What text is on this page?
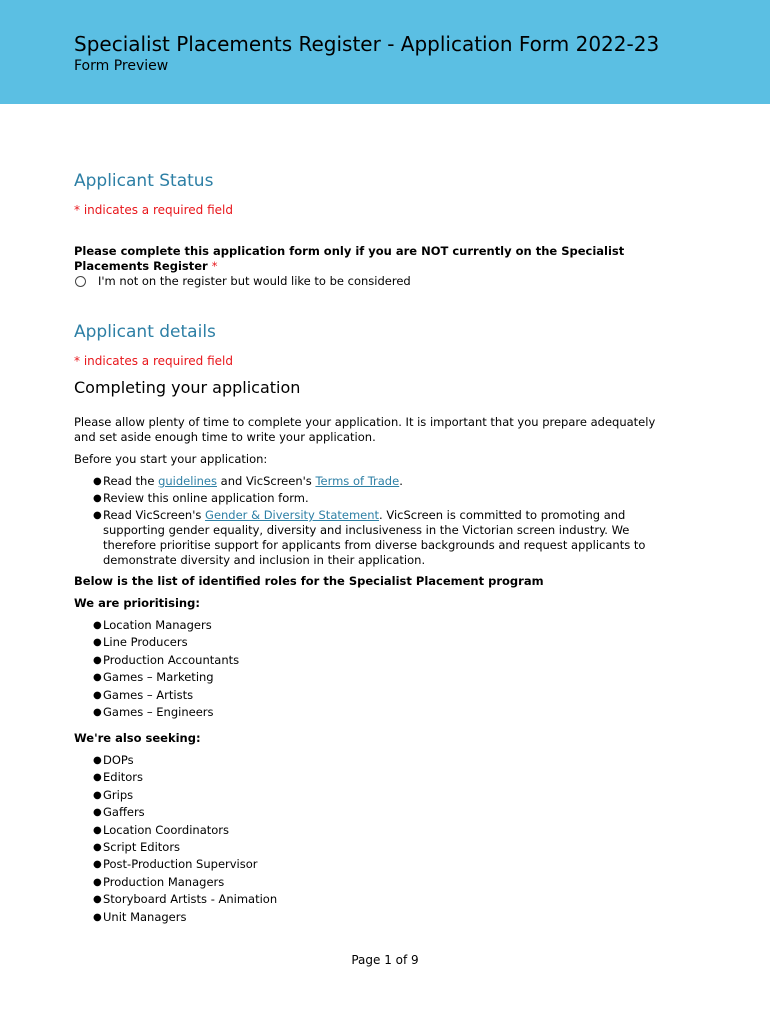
Specialist Placements Register - Application Form 2022-23
Form Preview
Applicant Status
* indicates a required field
Please complete this application form only if you are NOT currently on the Specialist Placements Register *
I'm not on the register but would like to be considered
Applicant details
* indicates a required field
Completing your application

Please allow plenty of time to complete your application. It is important that you prepare adequately and set aside enough time to write your application.

Before you start your application:

● Read the guidelines and VicScreen's Terms of Trade.
● Review this online application form.
● Read VicScreen's Gender & Diversity Statement. VicScreen is committed to promoting and supporting gender equality, diversity and inclusiveness in the Victorian screen industry. We therefore prioritise support for applicants from diverse backgrounds and request applicants to demonstrate diversity and inclusion in their application.
Below is the list of identified roles for the Specialist Placement program
We are prioritising:
● Location Managers
● Line Producers
● Production Accountants
● Games – Marketing
● Games – Artists
● Games – Engineers
We're also seeking:
● DOPs
● Editors
● Grips
● Gaffers
● Location Coordinators
● Script Editors
● Post-Production Supervisor
● Production Managers
● Storyboard Artists - Animation
● Unit Managers
Page 1 of 9
